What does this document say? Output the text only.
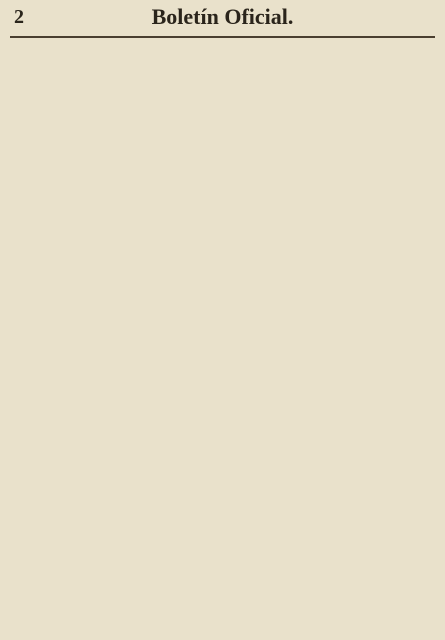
2	Boletín Oficial.
